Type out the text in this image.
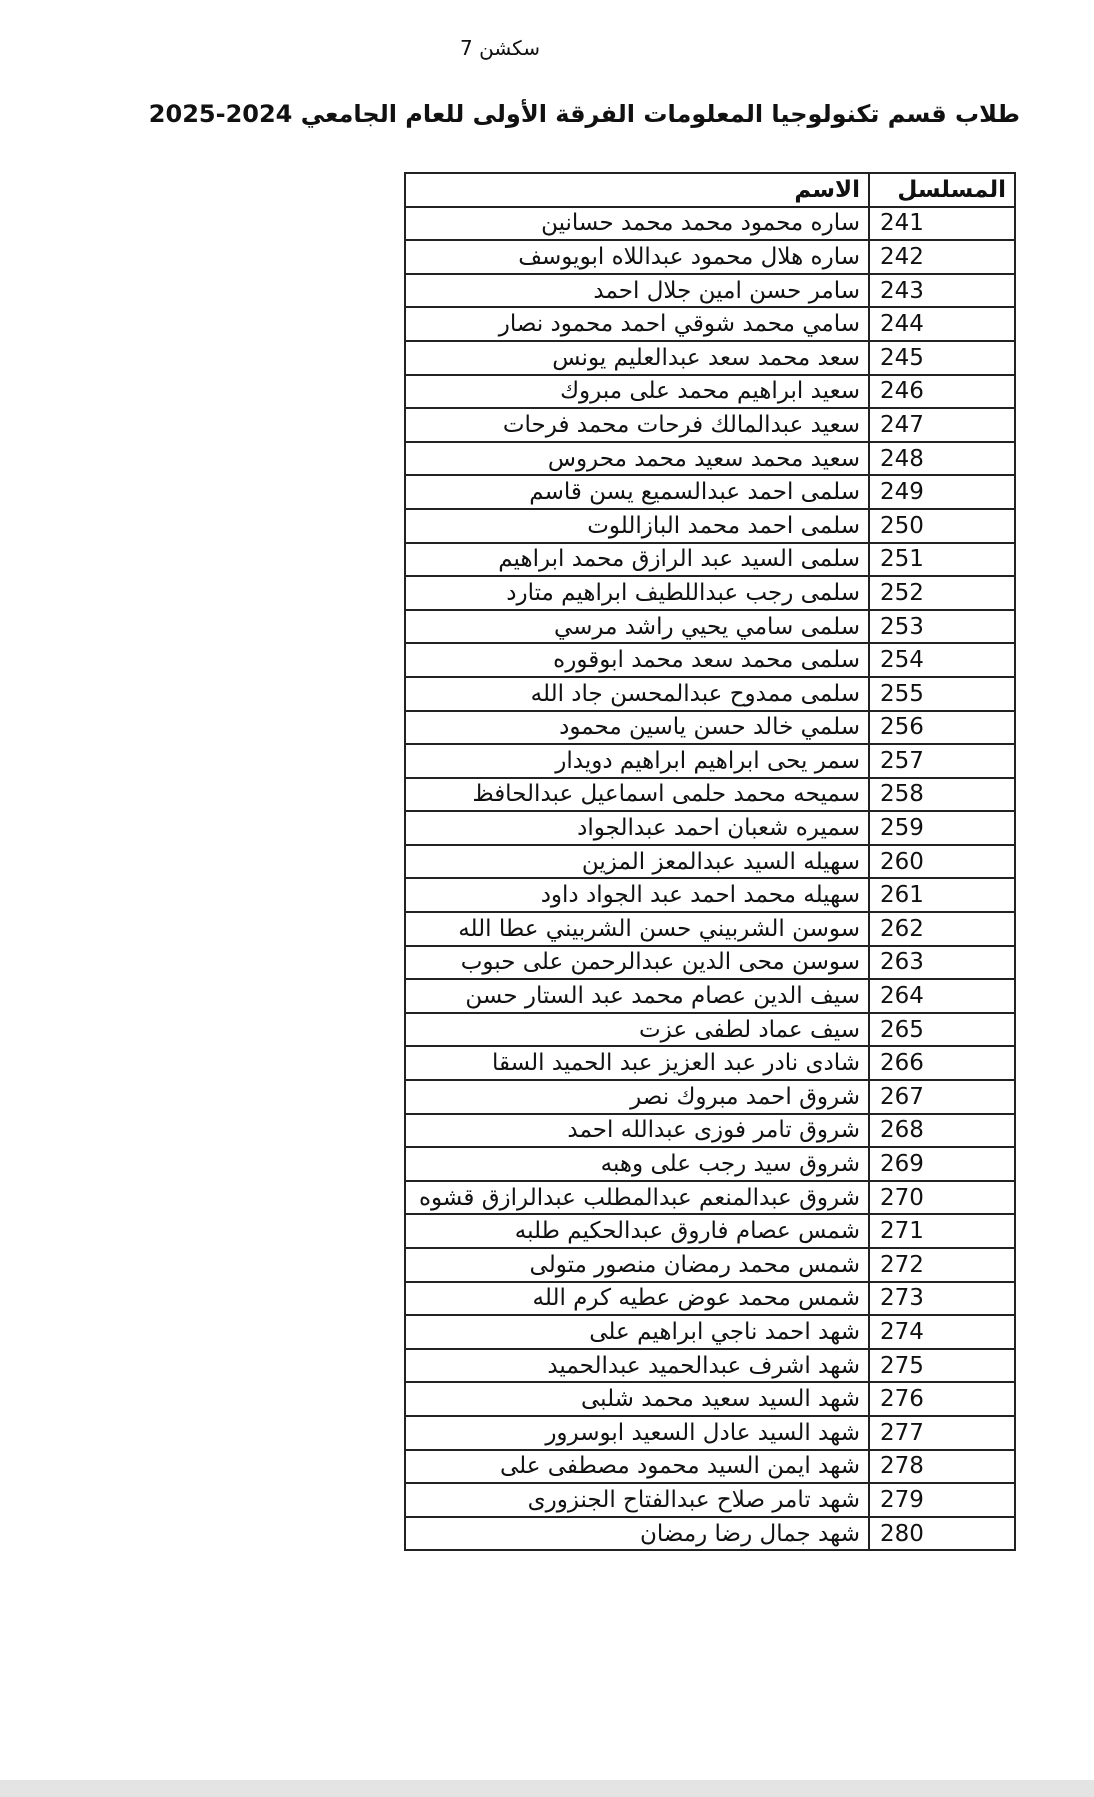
سكشن 7
طلاب قسم تكنولوجيا المعلومات الفرقة الأولى للعام الجامعي 2024-2025
المسلسل	الاسم
241	ساره محمود محمد محمد حسانين
242	ساره هلال محمود عبداللاه ابويوسف
243	سامر حسن امين جلال احمد
244	سامي محمد شوقي احمد محمود نصار
245	سعد محمد سعد عبدالعليم يونس
246	سعيد ابراهيم محمد على مبروك
247	سعيد عبدالمالك فرحات محمد فرحات
248	سعيد محمد سعيد محمد محروس
249	سلمى احمد عبدالسميع يسن قاسم
250	سلمى احمد محمد البازاللوت
251	سلمى السيد عبد الرازق محمد ابراهيم
252	سلمى رجب عبداللطيف ابراهيم متارد
253	سلمى سامي يحيي راشد مرسي
254	سلمى محمد سعد محمد ابوقوره
255	سلمى ممدوح عبدالمحسن جاد الله
256	سلمي خالد حسن ياسين محمود
257	سمر يحى ابراهيم ابراهيم دويدار
258	سميحه محمد حلمى اسماعيل عبدالحافظ
259	سميره شعبان احمد عبدالجواد
260	سهيله السيد عبدالمعز المزين
261	سهيله محمد احمد عبد الجواد داود
262	سوسن الشربيني حسن الشربيني عطا الله
263	سوسن محى الدين عبدالرحمن على حبوب
264	سيف الدين عصام محمد عبد الستار حسن
265	سيف عماد لطفى عزت
266	شادى نادر عبد العزيز عبد الحميد السقا
267	شروق احمد مبروك نصر
268	شروق تامر فوزى عبدالله احمد
269	شروق سيد رجب على وهبه
270	شروق عبدالمنعم عبدالمطلب عبدالرازق قشوه
271	شمس عصام فاروق عبدالحكيم طلبه
272	شمس محمد رمضان منصور متولى
273	شمس محمد عوض عطيه كرم الله
274	شهد احمد ناجي ابراهيم على
275	شهد اشرف عبدالحميد عبدالحميد
276	شهد السيد سعيد محمد شلبى
277	شهد السيد عادل السعيد ابوسرور
278	شهد ايمن السيد محمود مصطفى على
279	شهد تامر صلاح عبدالفتاح الجنزورى
280	شهد جمال رضا رمضان
